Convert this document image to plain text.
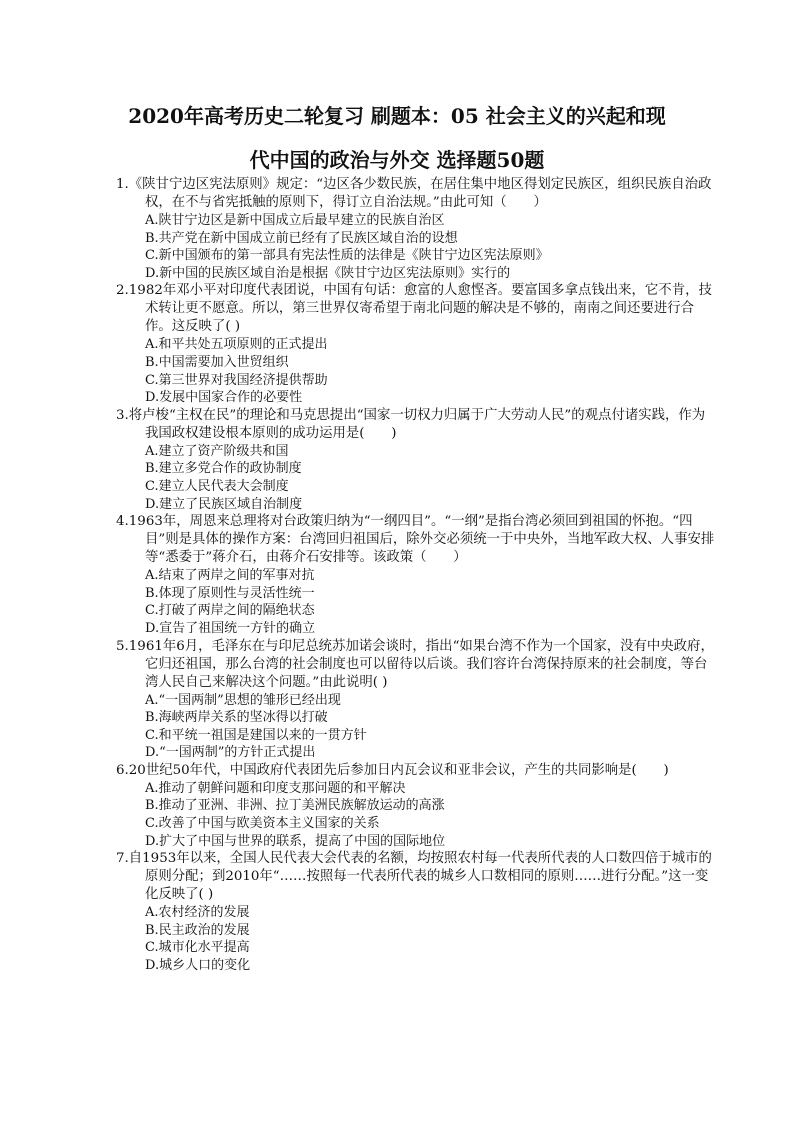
2020年高考历史二轮复习 刷题本：05 社会主义的兴起和现
代中国的政治与外交 选择题50题

1.《陕甘宁边区宪法原则》规定：“边区各少数民族，在居住集中地区得划定民族区，组织民族自治政权，在不与省宪抵触的原则下，得订立自治法规。”由此可知（　　）

A.陕甘宁边区是新中国成立后最早建立的民族自治区
B.共产党在新中国成立前已经有了民族区域自治的设想
C.新中国颁布的第一部具有宪法性质的法律是《陕甘宁边区宪法原则》
D.新中国的民族区域自治是根据《陕甘宁边区宪法原则》实行的

2.1982年邓小平对印度代表团说，中国有句话：愈富的人愈悭吝。要富国多拿点钱出来，它不肯，技术转让更不愿意。所以，第三世界仅寄希望于南北问题的解决是不够的，南南之间还要进行合作。这反映了( )

A.和平共处五项原则的正式提出
B.中国需要加入世贸组织
C.第三世界对我国经济提供帮助
D.发展中国家合作的必要性

3.将卢梭“主权在民”的理论和马克思提出“国家一切权力归属于广大劳动人民”的观点付诸实践，作为我国政权建设根本原则的成功运用是(　　)

A.建立了资产阶级共和国
B.建立多党合作的政协制度
C.建立人民代表大会制度
D.建立了民族区域自治制度

4.1963年，周恩来总理将对台政策归纳为“一纲四目”。“一纲”是指台湾必须回到祖国的怀抱。“四目”则是具体的操作方案：台湾回归祖国后，除外交必须统一于中央外，当地军政大权、人事安排等“悉委于”蒋介石，由蒋介石安排等。该政策（　　）

A.结束了两岸之间的军事对抗
B.体现了原则性与灵活性统一
C.打破了两岸之间的隔绝状态
D.宣告了祖国统一方针的确立

5.1961年6月，毛泽东在与印尼总统苏加诺会谈时，指出“如果台湾不作为一个国家，没有中央政府，它归还祖国，那么台湾的社会制度也可以留待以后谈。我们容许台湾保持原来的社会制度，等台湾人民自己来解决这个问题。”由此说明( )

A.“一国两制”思想的雏形已经出现
B.海峡两岸关系的坚冰得以打破
C.和平统一祖国是建国以来的一贯方针
D.“一国两制”的方针正式提出

6.20世纪50年代，中国政府代表团先后参加日内瓦会议和亚非会议，产生的共同影响是(　　)

A.推动了朝鲜问题和印度支那问题的和平解决
B.推动了亚洲、非洲、拉丁美洲民族解放运动的高涨
C.改善了中国与欧美资本主义国家的关系
D.扩大了中国与世界的联系，提高了中国的国际地位

7.自1953年以来，全国人民代表大会代表的名额，均按照农村每一代表所代表的人口数四倍于城市的原则分配；到2010年“……按照每一代表所代表的城乡人口数相同的原则……进行分配。”这一变化反映了( )

A.农村经济的发展
B.民主政治的发展
C.城市化水平提高
D.城乡人口的变化
